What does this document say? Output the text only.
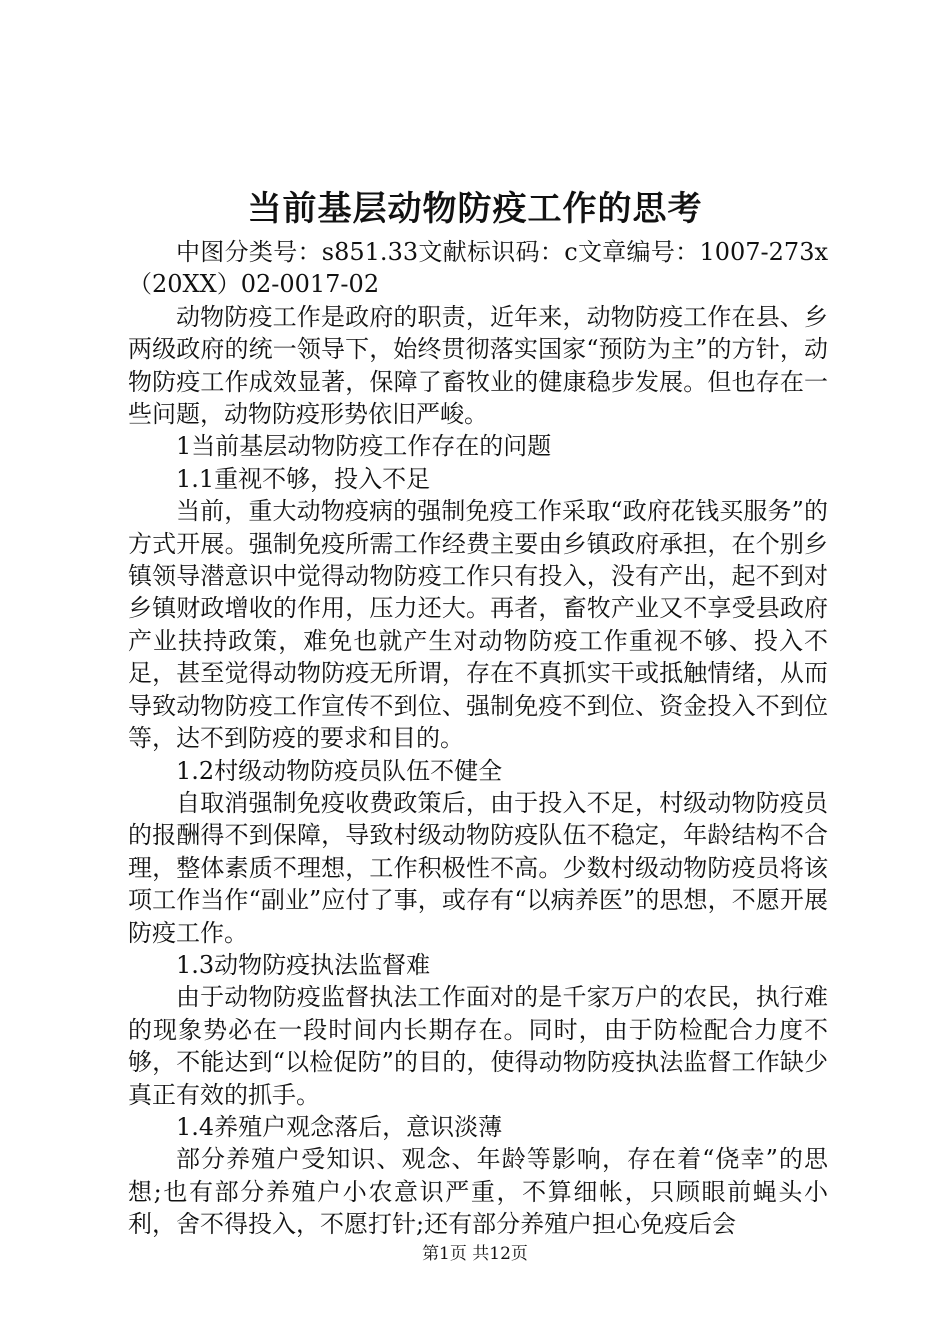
当前基层动物防疫工作的思考

中图分类号：s851.33文献标识码：c文章编号：1007-273x（20XX）02-0017-02

动物防疫工作是政府的职责，近年来，动物防疫工作在县、乡两级政府的统一领导下，始终贯彻落实国家“预防为主”的方针，动物防疫工作成效显著，保障了畜牧业的健康稳步发展。但也存在一些问题，动物防疫形势依旧严峻。

1当前基层动物防疫工作存在的问题

1.1重视不够，投入不足

当前，重大动物疫病的强制免疫工作采取“政府花钱买服务”的方式开展。强制免疫所需工作经费主要由乡镇政府承担，在个别乡镇领导潜意识中觉得动物防疫工作只有投入，没有产出，起不到对乡镇财政增收的作用，压力还大。再者，畜牧产业又不享受县政府产业扶持政策，难免也就产生对动物防疫工作重视不够、投入不足，甚至觉得动物防疫无所谓，存在不真抓实干或抵触情绪，从而导致动物防疫工作宣传不到位、强制免疫不到位、资金投入不到位等，达不到防疫的要求和目的。

1.2村级动物防疫员队伍不健全

自取消强制免疫收费政策后，由于投入不足，村级动物防疫员的报酬得不到保障，导致村级动物防疫队伍不稳定，年龄结构不合理，整体素质不理想，工作积极性不高。少数村级动物防疫员将该项工作当作“副业”应付了事，或存有“以病养医”的思想，不愿开展防疫工作。

1.3动物防疫执法监督难

由于动物防疫监督执法工作面对的是千家万户的农民，执行难的现象势必在一段时间内长期存在。同时，由于防检配合力度不够，不能达到“以检促防”的目的，使得动物防疫执法监督工作缺少真正有效的抓手。

1.4养殖户观念落后，意识淡薄

部分养殖户受知识、观念、年龄等影响，存在着“侥幸”的思想;也有部分养殖户小农意识严重，不算细帐，只顾眼前蝇头小利，舍不得投入，不愿打针;还有部分养殖户担心免疫后会

第1页 共12页
